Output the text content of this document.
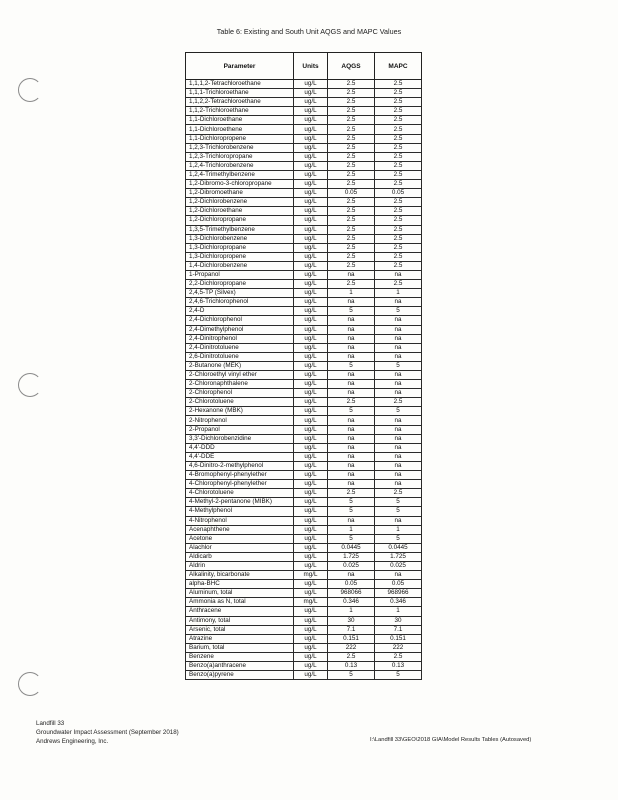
Table 6: Existing and South Unit AQGS and MAPC Values
Parameter	Units	AQGS	MAPC
1,1,1,2-Tetrachloroethane	ug/L	2.5	2.5
1,1,1-Trichloroethane	ug/L	2.5	2.5
1,1,2,2-Tetrachloroethane	ug/L	2.5	2.5
1,1,2-Trichloroethane	ug/L	2.5	2.5
1,1-Dichloroethane	ug/L	2.5	2.5
1,1-Dichloroethene	ug/L	2.5	2.5
1,1-Dichloropropene	ug/L	2.5	2.5
1,2,3-Trichlorobenzene	ug/L	2.5	2.5
1,2,3-Trichloropropane	ug/L	2.5	2.5
1,2,4-Trichlorobenzene	ug/L	2.5	2.5
1,2,4-Trimethylbenzene	ug/L	2.5	2.5
1,2-Dibromo-3-chloropropane	ug/L	2.5	2.5
1,2-Dibromoethane	ug/L	0.05	0.05
1,2-Dichlorobenzene	ug/L	2.5	2.5
1,2-Dichloroethane	ug/L	2.5	2.5
1,2-Dichloropropane	ug/L	2.5	2.5
1,3,5-Trimethylbenzene	ug/L	2.5	2.5
1,3-Dichlorobenzene	ug/L	2.5	2.5
1,3-Dichloropropane	ug/L	2.5	2.5
1,3-Dichloropropene	ug/L	2.5	2.5
1,4-Dichlorobenzene	ug/L	2.5	2.5
1-Propanol	ug/L	na	na
2,2-Dichloropropane	ug/L	2.5	2.5
2,4,5-TP (Silvex)	ug/L	1	1
2,4,6-Trichlorophenol	ug/L	na	na
2,4-D	ug/L	5	5
2,4-Dichlorophenol	ug/L	na	na
2,4-Dimethylphenol	ug/L	na	na
2,4-Dinitrophenol	ug/L	na	na
2,4-Dinitrotoluene	ug/L	na	na
2,6-Dinitrotoluene	ug/L	na	na
2-Butanone (MEK)	ug/L	5	5
2-Chloroethyl vinyl ether	ug/L	na	na
2-Chloronaphthalene	ug/L	na	na
2-Chlorophenol	ug/L	na	na
2-Chlorotoluene	ug/L	2.5	2.5
2-Hexanone (MBK)	ug/L	5	5
2-Nitrophenol	ug/L	na	na
2-Propanol	ug/L	na	na
3,3'-Dichlorobenzidine	ug/L	na	na
4,4'-DDD	ug/L	na	na
4,4'-DDE	ug/L	na	na
4,6-Dinitro-2-methylphenol	ug/L	na	na
4-Bromophenyl-phenylether	ug/L	na	na
4-Chlorophenyl-phenylether	ug/L	na	na
4-Chlorotoluene	ug/L	2.5	2.5
4-Methyl-2-pentanone (MIBK)	ug/L	5	5
4-Methylphenol	ug/L	5	5
4-Nitrophenol	ug/L	na	na
Acenaphthene	ug/L	1	1
Acetone	ug/L	5	5
Alachlor	ug/L	0.0445	0.0445
Aldicarb	ug/L	1.725	1.725
Aldrin	ug/L	0.025	0.025
Alkalinity, bicarbonate	mg/L	na	na
alpha-BHC	ug/L	0.05	0.05
Aluminum, total	ug/L	968066	968966
Ammonia as N, total	mg/L	0.346	0.346
Anthracene	ug/L	1	1
Antimony, total	ug/L	30	30
Arsenic, total	ug/L	7.1	7.1
Atrazine	ug/L	0.151	0.151
Barium, total	ug/L	222	222
Benzene	ug/L	2.5	2.5
Benzo(a)anthracene	ug/L	0.13	0.13
Benzo(a)pyrene	ug/L	5	5
Landfill 33
Groundwater Impact Assessment (September 2018)
Andrews Engineering, Inc.	I:\Landfill 33\GEO\2018 GIA\Model Results Tables (Autosaved)
